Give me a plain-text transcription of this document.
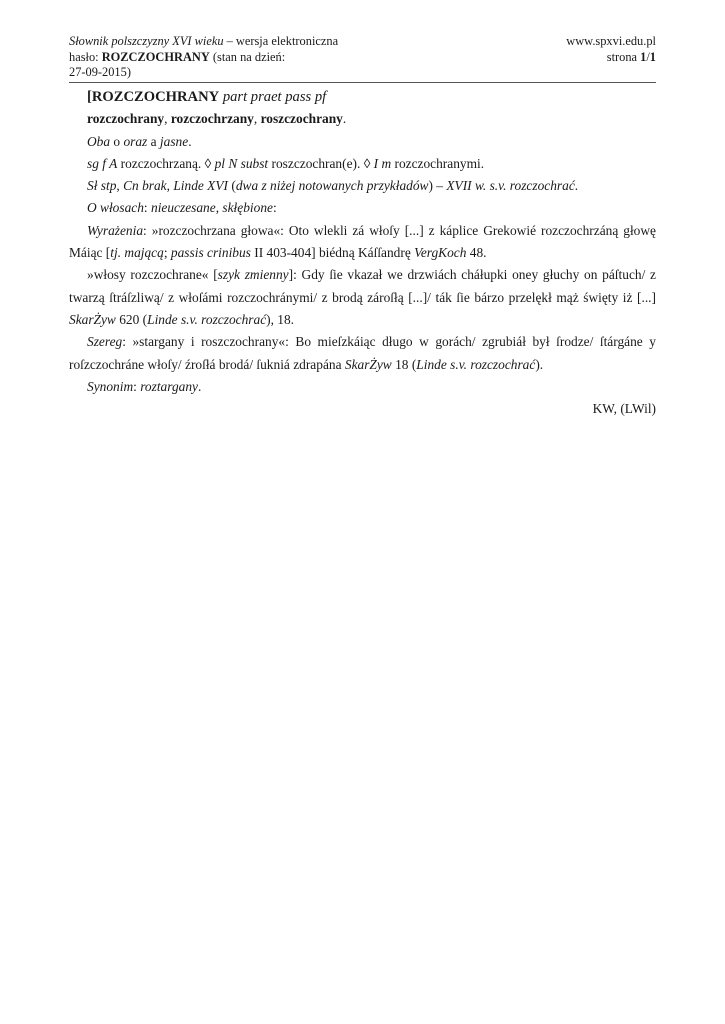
Słownik polszczyzny XVI wieku – wersja elektroniczna
hasło: ROZCZOCHRANY (stan na dzień:
27-09-2015)
www.spxvi.edu.pl
strona 1/1

[ROZCZOCHRANY part praet pass pf

rozczochrany, rozczochrzany, roszczochrany.

Oba o oraz a jasne.

sg f A rozczochrzaną. ◊ pl N subst roszczochran(e). ◊ I m rozczochranymi.

Sł stp, Cn brak, Linde XVI (dwa z niżej notowanych przykładów) – XVII w. s.v. rozczochrać.

O włosach: nieuczesane, skłębione:

Wyrażenia: »rozczochrzana głowa«: Oto wlekli zá włoſy [...] z káplice Grekowié rozczochrzáną głowę Máiąc [tj. mającą; passis crinibus II 403-404] biédną Káſſandrę VergKoch 48.

»włosy rozczochrane« [szyk zmienny]: Gdy ſie vkazał we drzwiách cháłupki oney głuchy on páſtuch/ z twarzą ſtráſzliwą/ z włoſámi rozczochránymi/ z brodą zároſłą [...]/ ták ſie bárzo przelękł mąż święty iż [...] SkarŻyw 620 (Linde s.v. rozczochrać), 18.

Szereg: »stargany i roszczochrany«: Bo mieſzkáiąc długo w gorách/ zgrubiáł był ſrodze/ ſtárgáne y roſzczochráne włoſy/ źroſłá brodá/ ſukniá zdrapána SkarŻyw 18 (Linde s.v. rozczochrać).

Synonim: roztargany.

KW, (LWil)
